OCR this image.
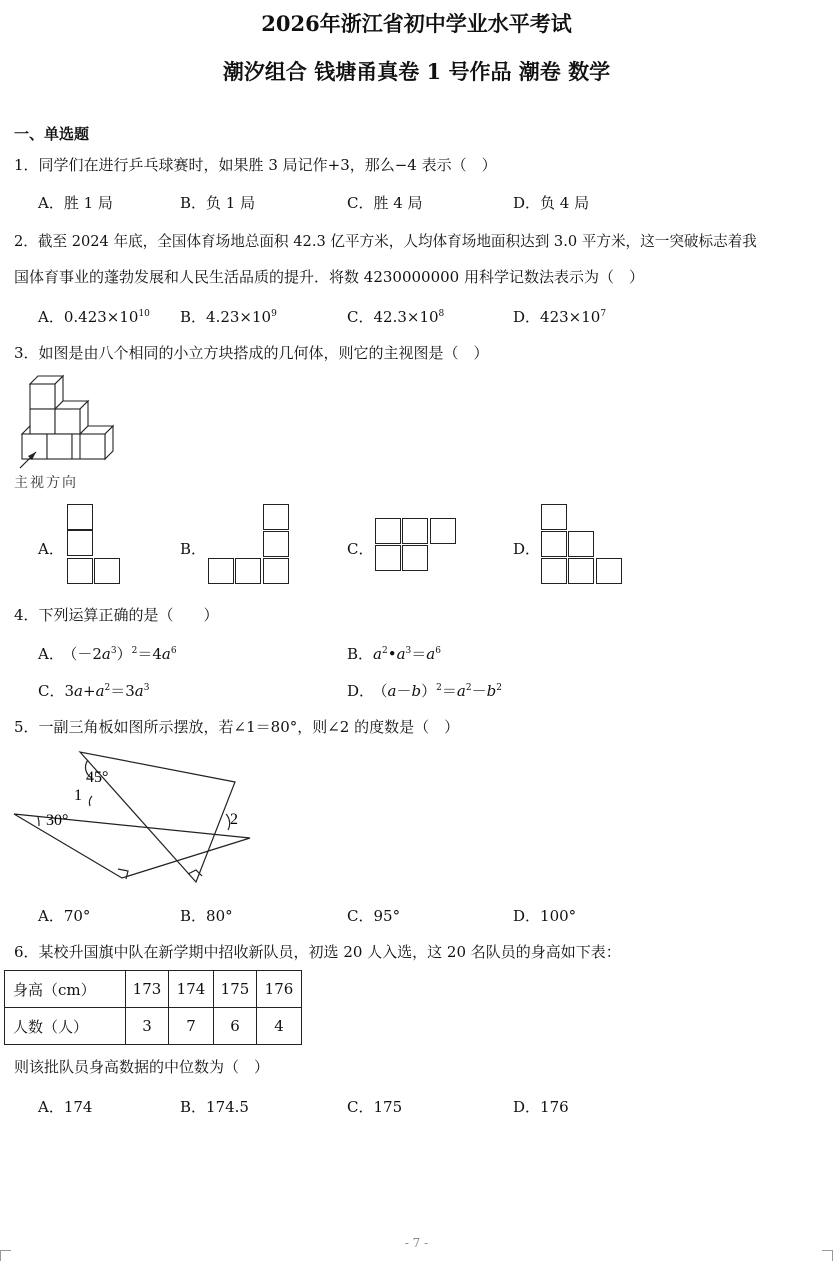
2026年浙江省初中学业水平考试
潮汐组合 钱塘甬真卷 1 号作品 潮卷 数学
一、单选题
1．同学们在进行乒乓球赛时，如果胜 3 局记作+3，那么−4 表示（　）
A．胜 1 局	B．负 1 局	C．胜 4 局	D．负 4 局
2．截至 2024 年底，全国体育场地总面积 42.3 亿平方米，人均体育场地面积达到 3.0 平方米，这一突破标志着我
国体育事业的蓬勃发展和人民生活品质的提升．将数 4230000000 用科学记数法表示为（　）
A．$0.423\times 10^{10}$ B．$4.23\times 10^9$	C．$42.3\times 10^8$	D．$423\times 10^7$
3．如图是由八个相同的小立方块搭成的几何体，则它的主视图是（　）
主视方向
A．	B．	C．	D．
4．下列运算正确的是（　　）
A． $(-2a^3)^2=4a^6$	B．$a^2•a^3=a^6$
C．$3a+a^2=3a^3$	D． $(a-b)^2=a^2-b^2$
5．一副三角板如图所示摆放，若∠1＝80°，则∠2 的度数是（　）
45°
30°
1
2
A．70°	B．80°	C．95°	D．100°
6．某校升国旗中队在新学期中招收新队员，初选 20 人入选，这 20 名队员的身高如下表：
身高（cm）	173	174	175	176
人数（人）	3	7	6	4
则该批队员身高数据的中位数为（　）
A．174	B．174.5	C．175	D．176
- 7 -
